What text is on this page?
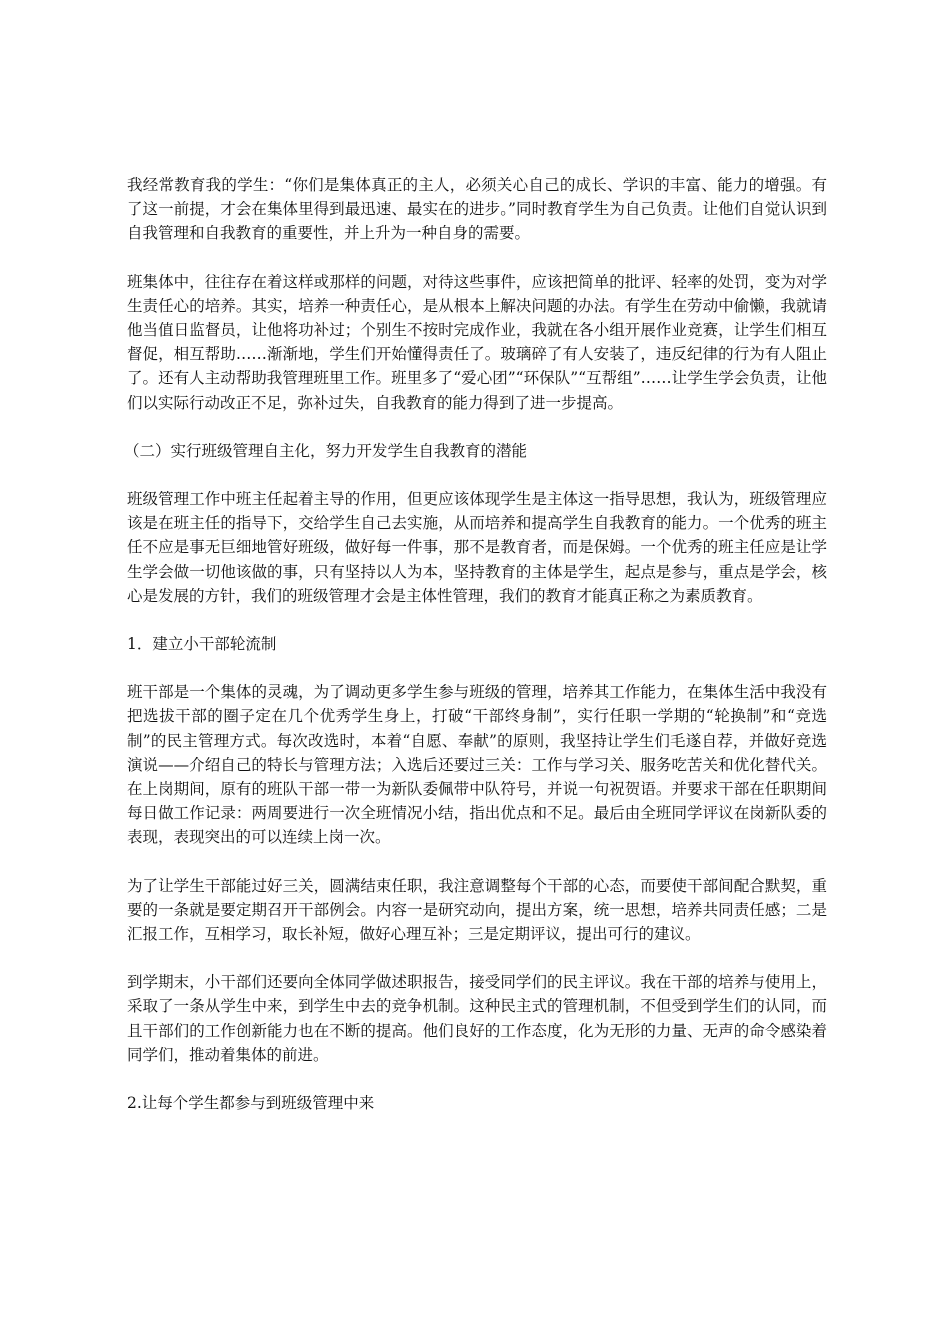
我经常教育我的学生：“你们是集体真正的主人，必须关心自己的成长、学识的丰富、能力的增强。有了这一前提，才会在集体里得到最迅速、最实在的进步。”同时教育学生为自己负责。让他们自觉认识到自我管理和自我教育的重要性，并上升为一种自身的需要。

班集体中，往往存在着这样或那样的问题，对待这些事件，应该把简单的批评、轻率的处罚，变为对学生责任心的培养。其实，培养一种责任心，是从根本上解决问题的办法。有学生在劳动中偷懒，我就请他当值日监督员，让他将功补过；个别生不按时完成作业，我就在各小组开展作业竞赛，让学生们相互督促，相互帮助……渐渐地，学生们开始懂得责任了。玻璃碎了有人安装了，违反纪律的行为有人阻止了。还有人主动帮助我管理班里工作。班里多了“爱心团”“环保队”“互帮组”……让学生学会负责，让他们以实际行动改正不足，弥补过失，自我教育的能力得到了进一步提高。

（二）实行班级管理自主化，努力开发学生自我教育的潜能

班级管理工作中班主任起着主导的作用，但更应该体现学生是主体这一指导思想，我认为，班级管理应该是在班主任的指导下，交给学生自己去实施，从而培养和提高学生自我教育的能力。一个优秀的班主任不应是事无巨细地管好班级，做好每一件事，那不是教育者，而是保姆。一个优秀的班主任应是让学生学会做一切他该做的事，只有坚持以人为本，坚持教育的主体是学生，起点是参与，重点是学会，核心是发展的方针，我们的班级管理才会是主体性管理，我们的教育才能真正称之为素质教育。

1．建立小干部轮流制

班干部是一个集体的灵魂，为了调动更多学生参与班级的管理，培养其工作能力，在集体生活中我没有把选拔干部的圈子定在几个优秀学生身上，打破“干部终身制”，实行任职一学期的“轮换制”和“竞选制”的民主管理方式。每次改选时，本着“自愿、奉献”的原则，我坚持让学生们毛遂自荐，并做好竞选演说——介绍自己的特长与管理方法；入选后还要过三关：工作与学习关、服务吃苦关和优化替代关。在上岗期间，原有的班队干部一带一为新队委佩带中队符号，并说一句祝贺语。并要求干部在任职期间每日做工作记录：两周要进行一次全班情况小结，指出优点和不足。最后由全班同学评议在岗新队委的表现，表现突出的可以连续上岗一次。

为了让学生干部能过好三关，圆满结束任职，我注意调整每个干部的心态，而要使干部间配合默契，重要的一条就是要定期召开干部例会。内容一是研究动向，提出方案，统一思想，培养共同责任感；二是汇报工作，互相学习，取长补短，做好心理互补；三是定期评议，提出可行的建议。

到学期末，小干部们还要向全体同学做述职报告，接受同学们的民主评议。我在干部的培养与使用上，采取了一条从学生中来，到学生中去的竞争机制。这种民主式的管理机制，不但受到学生们的认同，而且干部们的工作创新能力也在不断的提高。他们良好的工作态度，化为无形的力量、无声的命令感染着同学们，推动着集体的前进。

2.让每个学生都参与到班级管理中来
